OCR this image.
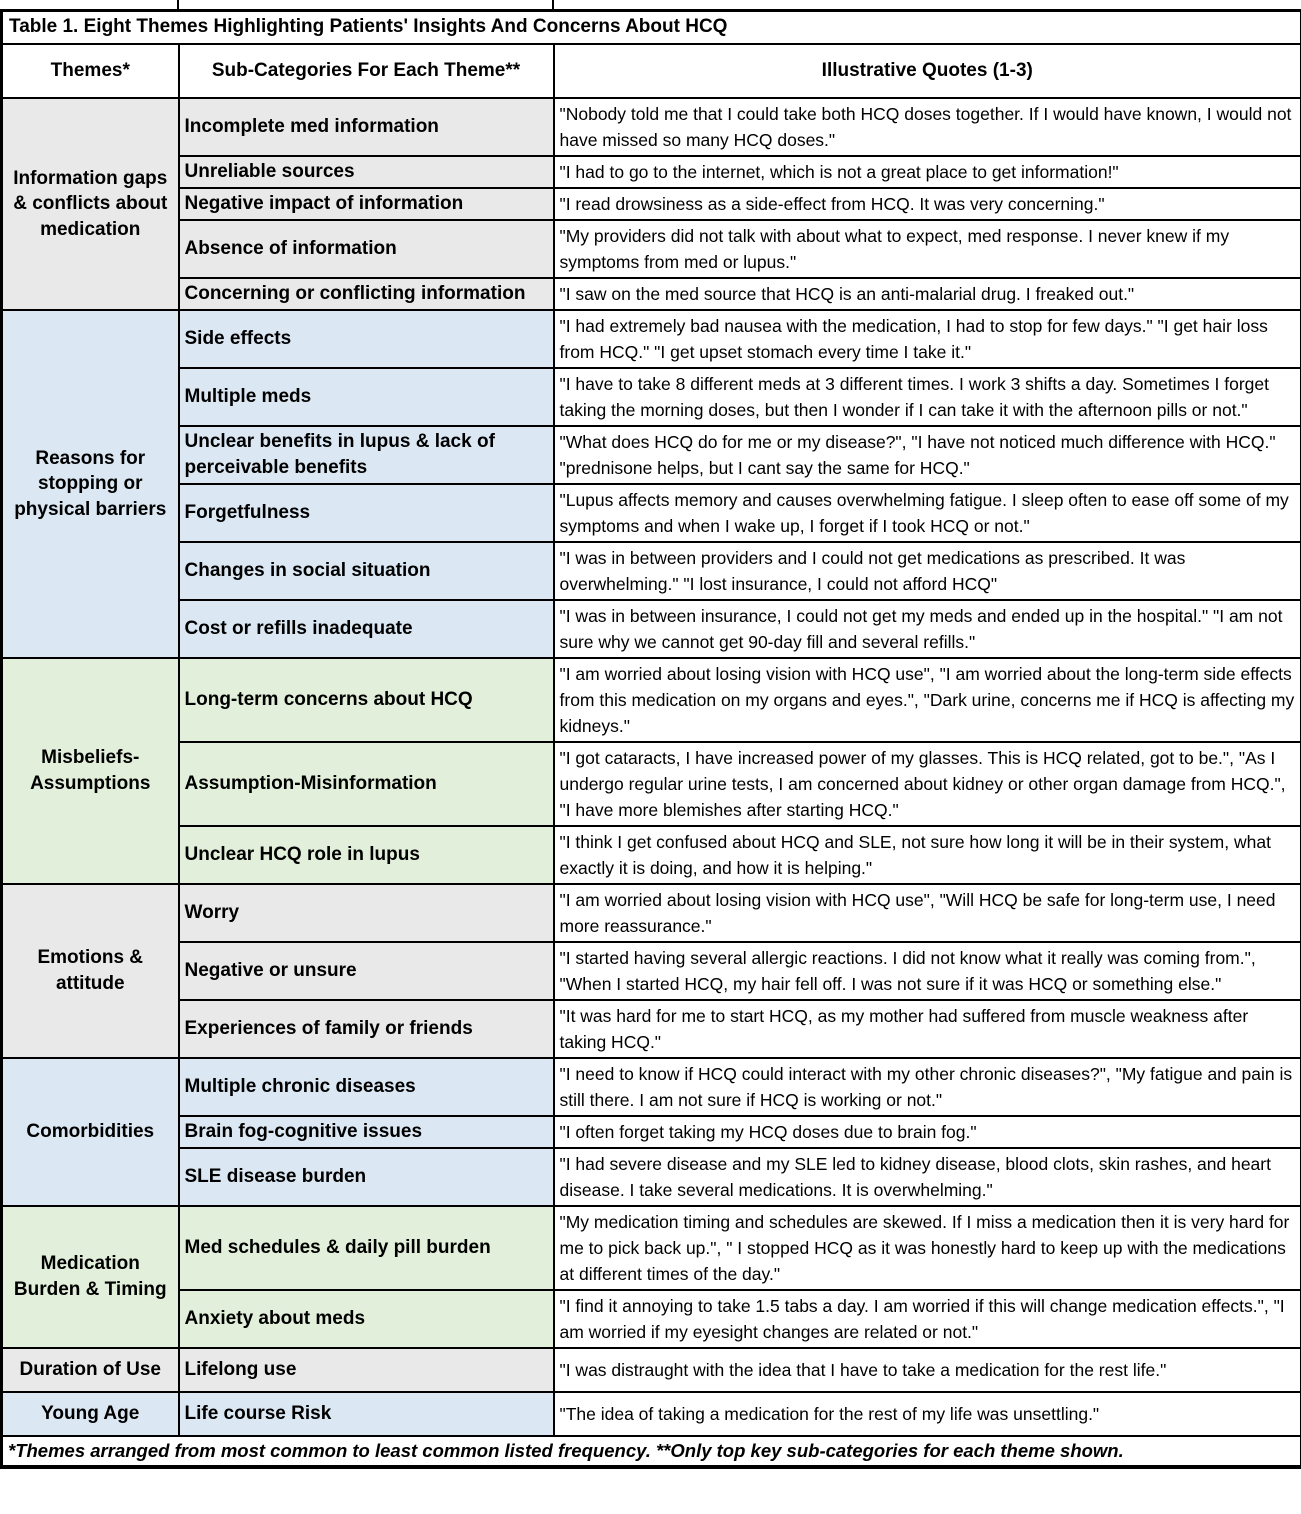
Table 1. Eight Themes Highlighting Patients' Insights And Concerns About HCQ		
Themes*	Sub-Categories For Each Theme**	Illustrative Quotes (1-3)
Information gaps & conflicts about medication	Incomplete med information	"Nobody told me that I could take both HCQ doses together. If I would have known, I would not have missed so many HCQ doses."
	Unreliable sources	"I had to go to the internet, which is not a great place to get information!"
	Negative impact of information	"I read drowsiness as a side-effect from HCQ. It was very concerning."
	Absence of information	"My providers did not talk with about what to expect, med response. I never knew if my symptoms from med or lupus."
	Concerning or conflicting information	"I saw on the med source that HCQ is an anti-malarial drug. I freaked out."
Reasons for stopping or physical barriers	Side effects	"I had extremely bad nausea with the medication, I had to stop for few days." "I get hair loss from HCQ." "I get upset stomach every time I take it."
	Multiple meds	"I have to take 8 different meds at 3 different times. I work 3 shifts a day. Sometimes I forget taking the morning doses, but then I wonder if I can take it with the afternoon pills or not."
	Unclear benefits in lupus & lack of perceivable benefits	"What does HCQ do for me or my disease?", "I have not noticed much difference with HCQ." "prednisone helps, but I cant say the same for HCQ."
	Forgetfulness	"Lupus affects memory and causes overwhelming fatigue. I sleep often to ease off some of my symptoms and when I wake up, I forget if I took HCQ or not."
	Changes in social situation	"I was in between providers and I could not get medications as prescribed. It was overwhelming." "I lost insurance, I could not afford HCQ"
	Cost or refills inadequate	"I was in between insurance, I could not get my meds and ended up in the hospital." "I am not sure why we cannot get 90-day fill and several refills."
Misbeliefs-Assumptions	Long-term concerns about HCQ	"I am worried about losing vision with HCQ use", "I am worried about the long-term side effects from this medication on my organs and eyes.", "Dark urine, concerns me if HCQ is affecting my kidneys."
	Assumption-Misinformation	"I got cataracts, I have increased power of my glasses. This is HCQ related, got to be.", "As I undergo regular urine tests, I am concerned about kidney or other organ damage from HCQ.", "I have more blemishes after starting HCQ."
	Unclear HCQ role in lupus	"I think I get confused about HCQ and SLE, not sure how long it will be in their system, what exactly it is doing, and how it is helping."
Emotions & attitude	Worry	"I am worried about losing vision with HCQ use", "Will HCQ be safe for long-term use, I need more reassurance."
	Negative or unsure	"I started having several allergic reactions. I did not know what it really was coming from.", "When I started HCQ, my hair fell off. I was not sure if it was HCQ or something else."
	Experiences of family or friends	"It was hard for me to start HCQ, as my mother had suffered from muscle weakness after taking HCQ."
Comorbidities	Multiple chronic diseases	"I need to know if HCQ could interact with my other chronic diseases?", "My fatigue and pain is still there. I am not sure if HCQ is working or not."
	Brain fog-cognitive issues	"I often forget taking my HCQ doses due to brain fog."
	SLE disease burden	"I had severe disease and my SLE led to kidney disease, blood clots, skin rashes, and heart disease. I take several medications. It is overwhelming."
Medication Burden & Timing	Med schedules & daily pill burden	"My medication timing and schedules are skewed. If I miss a medication then it is very hard for me to pick back up.", " I stopped HCQ as it was honestly hard to keep up with the medications at different times of the day."
	Anxiety about meds	"I find it annoying to take 1.5 tabs a day. I am worried if this will change medication effects.", "I am worried if my eyesight changes are related or not."
Duration of Use	Lifelong use	"I was distraught with the idea that I have to take a medication for the rest life."
Young Age	Life course Risk	"The idea of taking a medication for the rest of my life was unsettling."
*Themes arranged from most common to least common listed frequency. **Only top key sub-categories for each theme shown.		
